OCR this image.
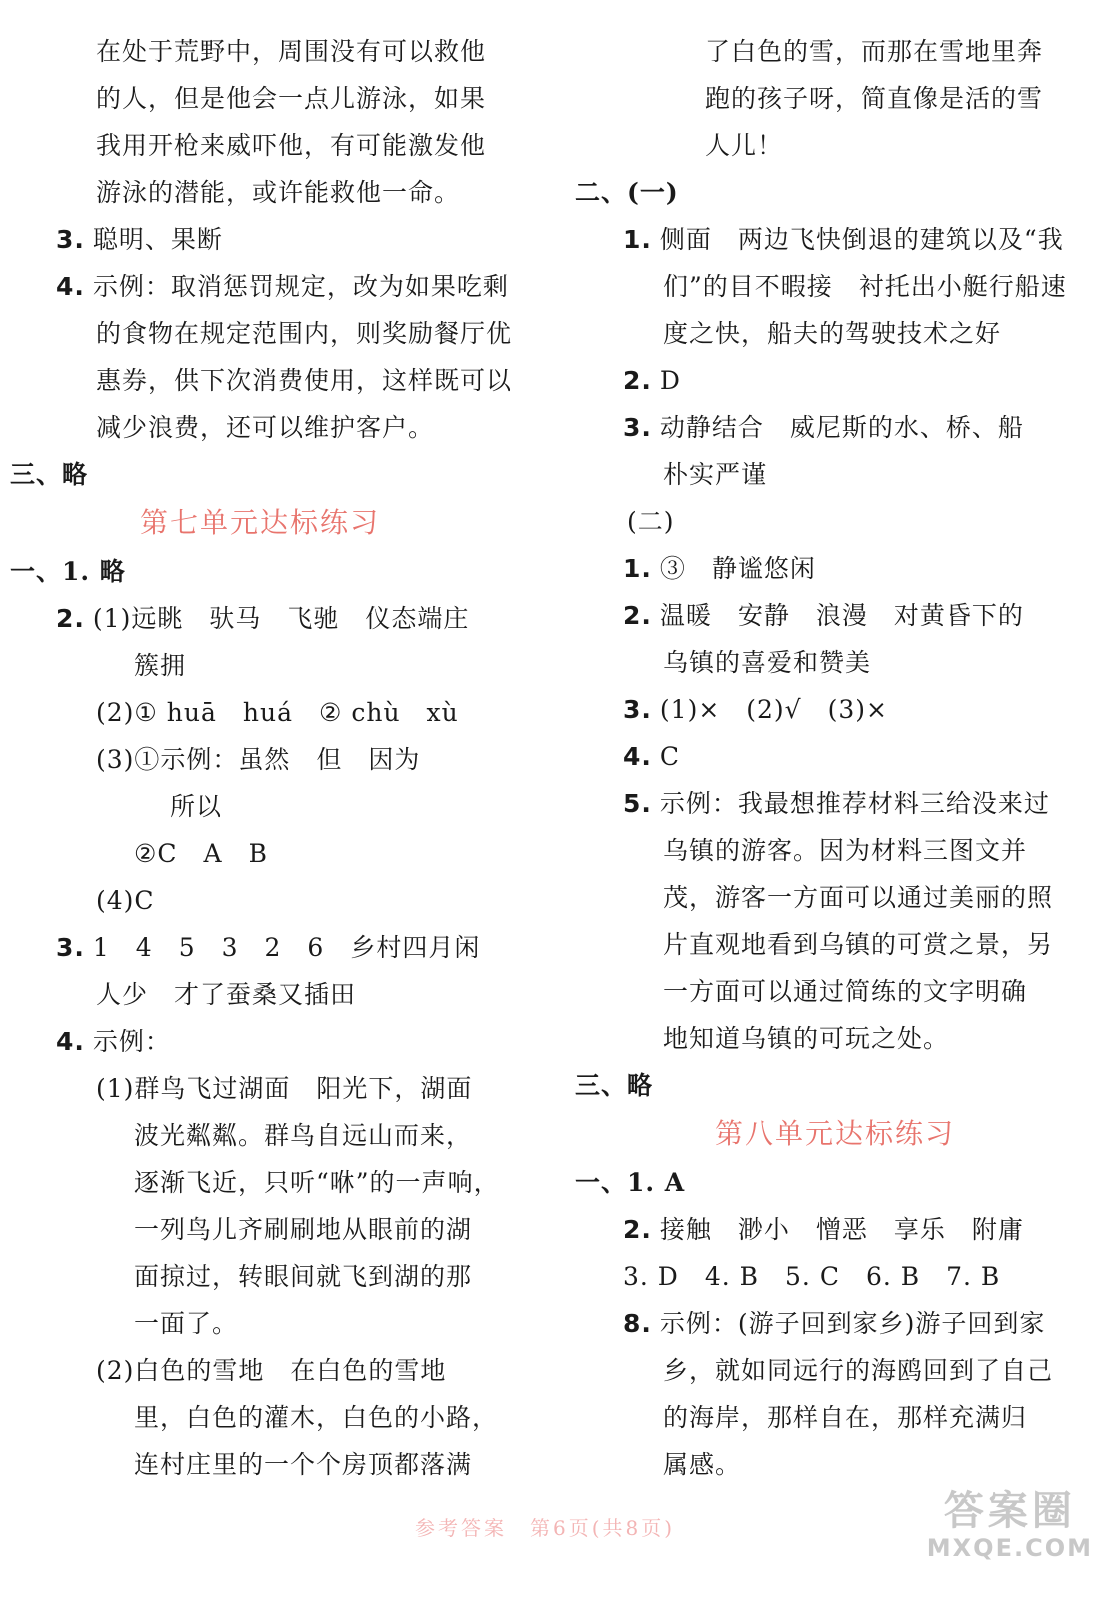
在处于荒野中，周围没有可以救他
的人，但是他会一点儿游泳，如果
我用开枪来威吓他，有可能激发他
游泳的潜能，或许能救他一命。
3. 聪明、果断
4. 示例：取消惩罚规定，改为如果吃剩
的食物在规定范围内，则奖励餐厅优
惠券，供下次消费使用，这样既可以
减少浪费，还可以维护客户。
三、略
第七单元达标练习
一、1. 略
2. (1)远眺　驮马　飞驰　仪态端庄
簇拥
(2)① huā　huá　② chù　xù
(3)①示例：虽然　但　因为
所以
②C　A　B
(4)C
3. 1　4　5　3　2　6　乡村四月闲
人少　才了蚕桑又插田
4. 示例：
(1)群鸟飞过湖面　阳光下，湖面
波光粼粼。群鸟自远山而来，
逐渐飞近，只听“咻”的一声响，
一列鸟儿齐刷刷地从眼前的湖
面掠过，转眼间就飞到湖的那
一面了。
(2)白色的雪地　在白色的雪地
里，白色的灌木，白色的小路，
连村庄里的一个个房顶都落满
了白色的雪，而那在雪地里奔
跑的孩子呀，简直像是活的雪
人儿！
二、(一)
1. 侧面　两边飞快倒退的建筑以及“我
们”的目不暇接　衬托出小艇行船速
度之快，船夫的驾驶技术之好
2. D
3. 动静结合　威尼斯的水、桥、船
朴实严谨
(二)
1. ③　静谧悠闲
2. 温暖　安静　浪漫　对黄昏下的
乌镇的喜爱和赞美
3. (1)×　(2)√　(3)×
4. C
5. 示例：我最想推荐材料三给没来过
乌镇的游客。因为材料三图文并
茂，游客一方面可以通过美丽的照
片直观地看到乌镇的可赏之景，另
一方面可以通过简练的文字明确
地知道乌镇的可玩之处。
三、略
第八单元达标练习
一、1. A
2. 接触　渺小　憎恶　享乐　附庸
3. D　4. B　5. C　6. B　7. B
8. 示例：(游子回到家乡)游子回到家
乡，就如同远行的海鸥回到了自己
的海岸，那样自在，那样充满归
属感。
参考答案　第6页(共8页)	答案圈
MXQE.COM
